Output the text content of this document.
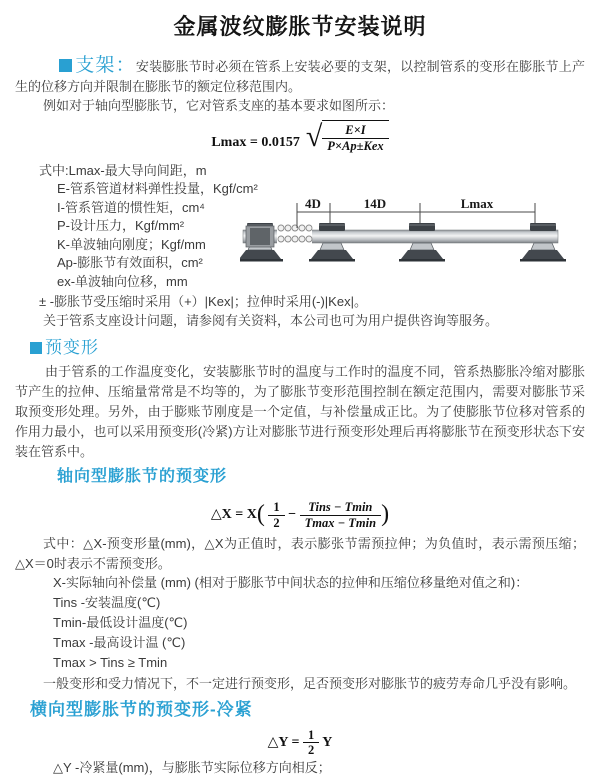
金属波纹膨胀节安装说明

支架：安装膨胀节时必须在管系上安装必要的支架，以控制管系的变形在膨胀节上产生的位移方向并限制在膨胀节的额定位移范围内。

例如对于轴向型膨胀节，它对管系支座的基本要求如图所示：

Lmax = 0.0157 √ $\frac{E\times I}{\text{P×Ap±Kex}}$
式中:Lmax-最大导向间距，m
E-管系管道材料弹性投量，Kgf/cm²
I-管系管道的惯性矩，cm⁴
P-设计压力，Kgf/mm²
K-单波轴向刚度；Kgf/mm
Ap-膨胀节有效面积，cm²
ex-单波轴向位移，mm
± -膨胀节受压缩时采用（+）|Kex|；拉伸时采用(-)|Kex|。

关于管系支座设计问题，请参阅有关资料，本公司也可为用户提供咨询等服务。

4D	14D	Lmax
预变形

由于管系的工作温度变化，安装膨胀节时的温度与工作时的温度不同，管系热膨胀冷缩对膨胀节产生的拉伸、压缩量常常是不均等的，为了膨胀节变形范围控制在额定范围内，需要对膨胀节采取预变形处理。另外，由于膨账节刚度是一个定值，与补偿量成正比。为了使膨胀节位移对管系的作用力最小，也可以采用预变形(冷紧)方让对膨胀节进行预变形处理后再将膨胀节在预变形状态下安装在管系中。

轴向型膨胀节的预变形
△X = $X( \frac{1}{2} - \frac{\text{Tins − Tmin}}{Tmax - Tmin}$ )

式中：△X-预变形量(mm)，△X为正值时，表示膨张节需预拉伸；为负值时，表示需预压缩；△X＝0时表示不需预变形。

X-实际轴向补偿量 (mm) (相对于膨胀节中间状态的拉伸和压缩位移量绝对值之和)：
Tins -安装温度(℃)
Tmin-最低设计温度(℃)
Tmax -最高设计温 (℃)
Tmax > Tins ≥ Tmin

一般变形和受力情况下，不一定进行预变形，足否预变形对膨胀节的疲劳寿命几乎没有影响。

横向型膨胀节的预变形-冷紧
△Y = $\frac{1}{2}$ Y
△Y -冷紧量(mm)，与膨胀节实际位移方向相反；
